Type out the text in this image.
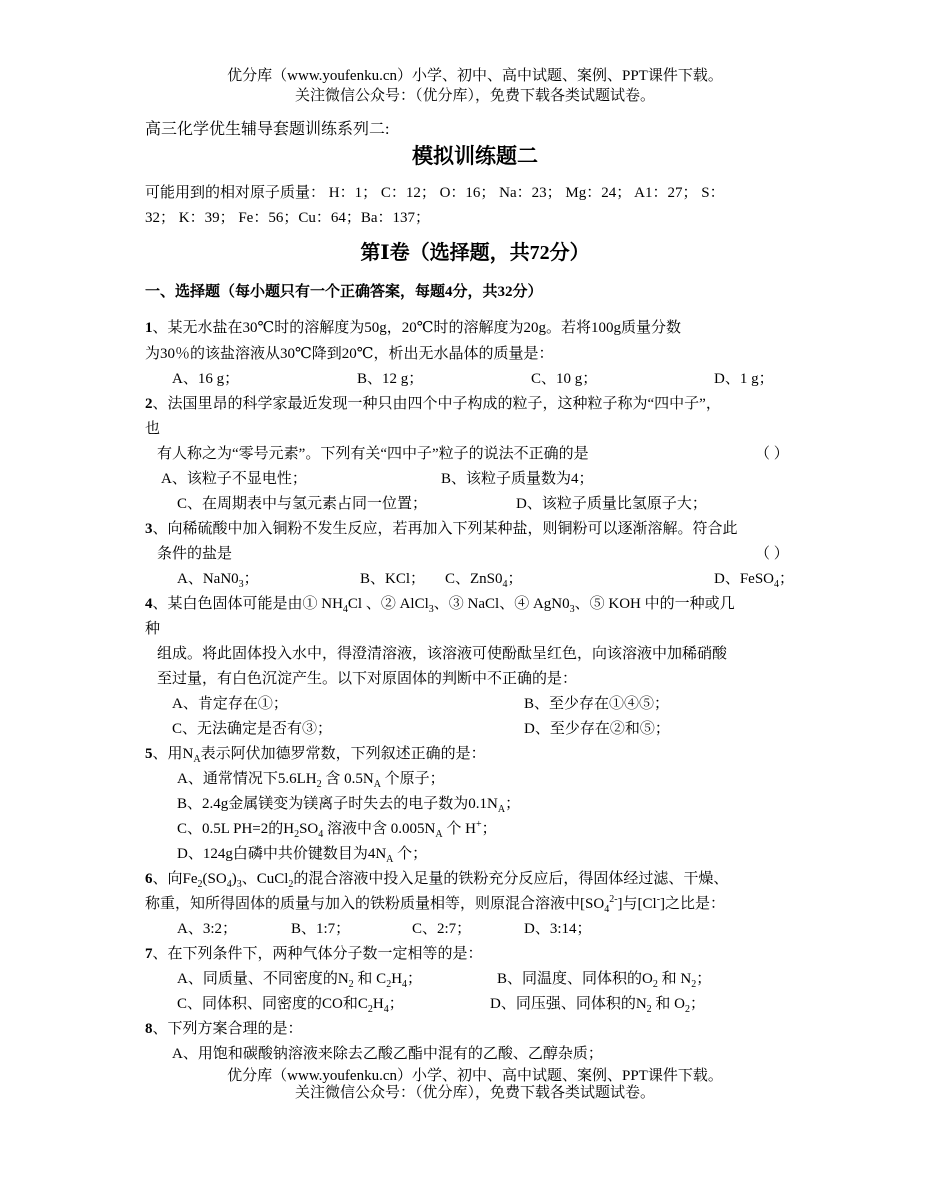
优分库（www.youfenku.cn）小学、初中、高中试题、案例、PPT课件下载。
关注微信公众号：（优分库），免费下载各类试题试卷。
高三化学优生辅导套题训练系列二:
模拟训练题二
可能用到的相对原子质量： H：1； C：12； O：16； Na：23； Mg：24； A1：27； S：
32； K：39； Fe：56；Cu：64；Ba：137；
第Ⅰ卷（选择题，共72分）
一、选择题（每小题只有一个正确答案，每题4分，共32分）
1、某无水盐在30℃时的溶解度为50g，20℃时的溶解度为20g。若将100g质量分数
为30％的该盐溶液从30℃降到20℃，析出无水晶体的质量是：
A、16 g；	B、12 g；	C、10 g；	D、1 g；
2、法国里昂的科学家最近发现一种只由四个中子构成的粒子，这种粒子称为“四中子”，
也
有人称之为“零号元素”。下列有关“四中子”粒子的说法不正确的是	（ ）
A、该粒子不显电性；	B、该粒子质量数为4；
C、在周期表中与氢元素占同一位置；	D、该粒子质量比氢原子大；
3、向稀硫酸中加入铜粉不发生反应，若再加入下列某种盐，则铜粉可以逐渐溶解。符合此
条件的盐是	（ ）
A、$NaN0_3$；	B、KCl； C、$ZnS0_4$；	D、FeSO$_4$；
4、某白色固体可能是由① $NH_4Cl$ 、② AlCl$_3$、③ NaCl、④ $AgN0_3$、⑤ KOH 中的一种或几
种
组成。将此固体投入水中，得澄清溶液，该溶液可使酚酞呈红色，向该溶液中加稀硝酸
至过量，有白色沉淀产生。以下对原固体的判断中不正确的是：
A、肯定存在①；	B、至少存在①④⑤；
C、无法确定是否有③；	D、至少存在②和⑤；
5、用$N_A$表示阿伏加德罗常数，下列叙述正确的是：
A、通常情况下$5.6LH_2$ 含 $0.5N_A$ 个原子；
B、2.4g金属镁变为镁离子时失去的电子数为$0.1N_A$；
C、0.5L PH=2的$H_2SO_4$ 溶液中含 $0.005N_A$ 个 H+；
D、124g白磷中共价键数目为$4N_A$ 个；
6、向$Fe_2(SO_4)_3$、CuCl$_2$的混合溶液中投入足量的铁粉充分反应后，得固体经过滤、干燥、
称重，知所得固体的质量与加入的铁粉质量相等，则原混合溶液中$[SO_4^{2-}]$与[Cl-]之比是：
A、3:2；	B、1:7；	C、2:7；	D、3:14；
7、在下列条件下，两种气体分子数一定相等的是：
A、同质量、不同密度的$N_2$ 和 $C_2H_4$；	B、同温度、同体积的$O_2$ 和 $N_2$；
C、同体积、同密度的CO和$C_2H_4$；	D、同压强、同体积的$N_2$ 和 $O_2$；
8、下列方案合理的是：
A、用饱和碳酸钠溶液来除去乙酸乙酯中混有的乙酸、乙醇杂质；
优分库（www.youfenku.cn）小学、初中、高中试题、案例、PPT课件下载。
关注微信公众号：（优分库），免费下载各类试题试卷。
